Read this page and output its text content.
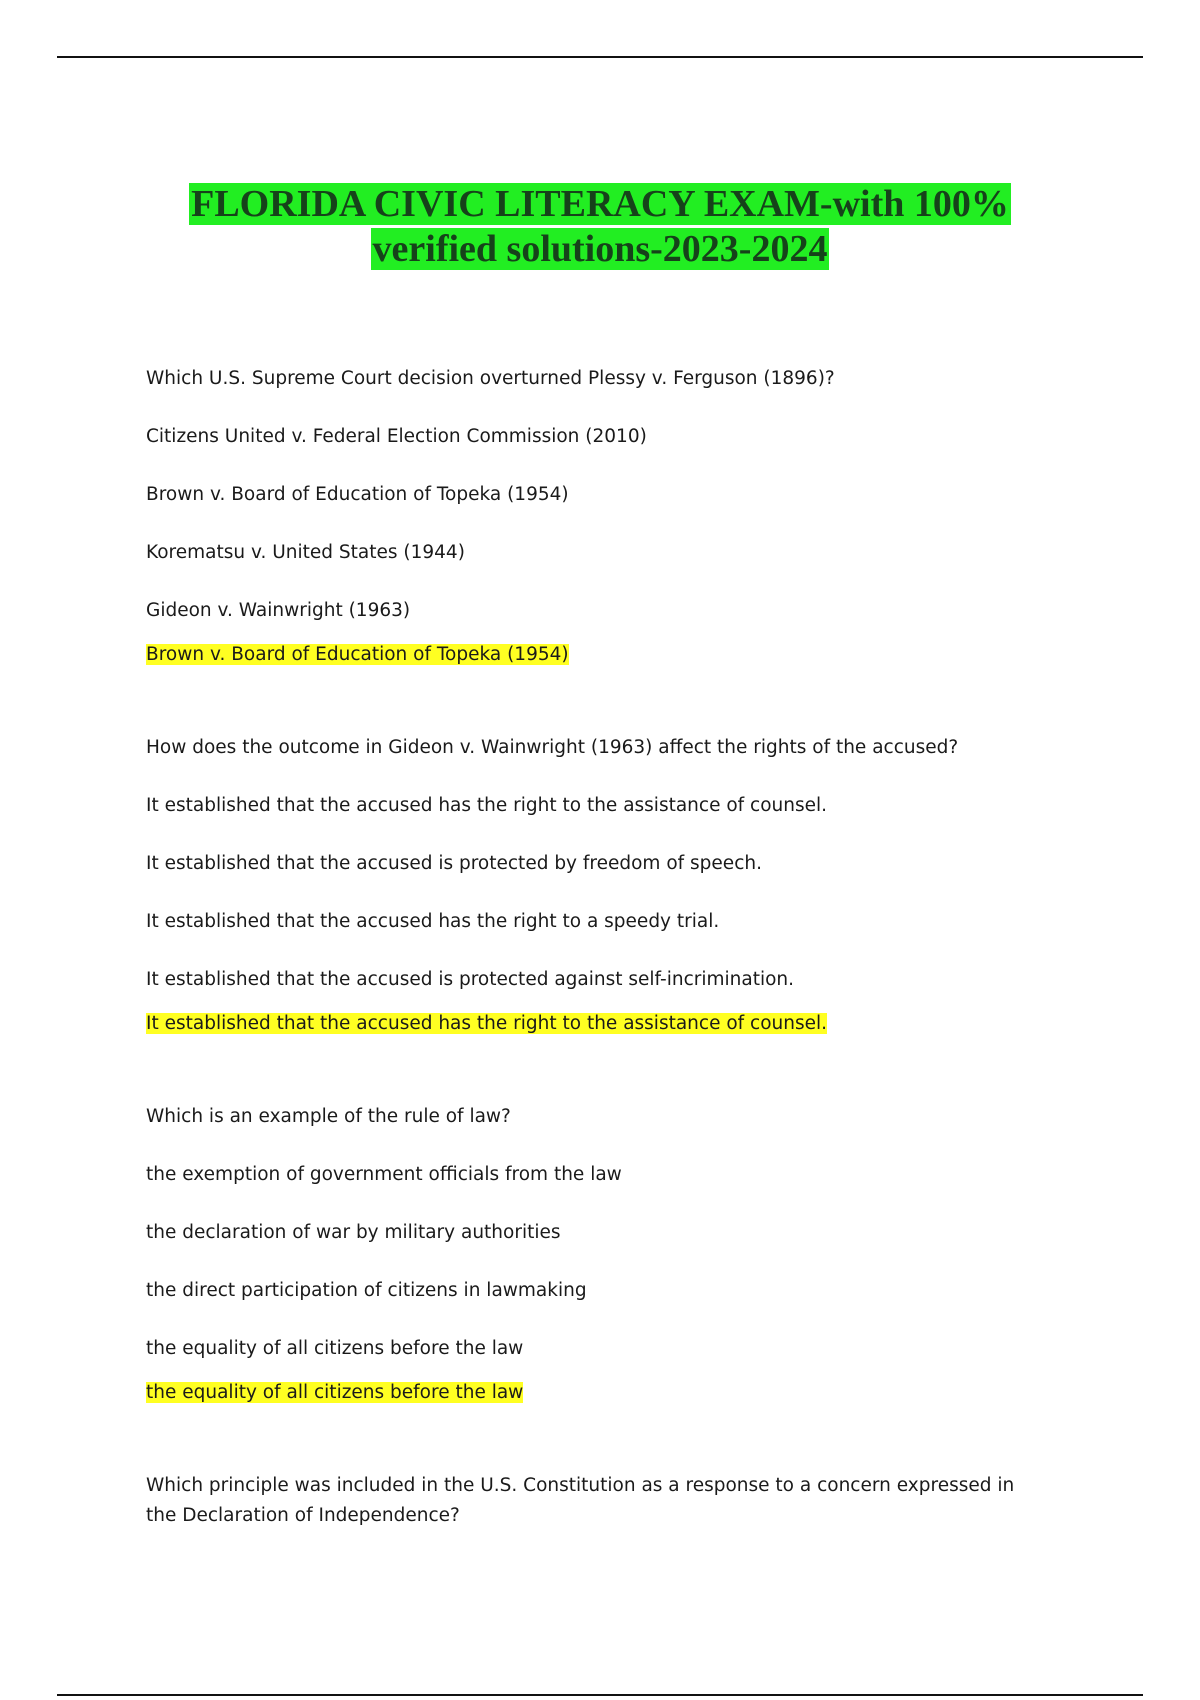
FLORIDA CIVIC LITERACY EXAM-with 100%
verified solutions-2023-2024
Which U.S. Supreme Court decision overturned Plessy v. Ferguson (1896)?
Citizens United v. Federal Election Commission (2010)
Brown v. Board of Education of Topeka (1954)
Korematsu v. United States (1944)
Gideon v. Wainwright (1963)
Brown v. Board of Education of Topeka (1954)
How does the outcome in Gideon v. Wainwright (1963) affect the rights of the accused?
It established that the accused has the right to the assistance of counsel.
It established that the accused is protected by freedom of speech.
It established that the accused has the right to a speedy trial.
It established that the accused is protected against self-incrimination.
It established that the accused has the right to the assistance of counsel.
Which is an example of the rule of law?
the exemption of government officials from the law
the declaration of war by military authorities
the direct participation of citizens in lawmaking
the equality of all citizens before the law
the equality of all citizens before the law
Which principle was included in the U.S. Constitution as a response to a concern expressed in the Declaration of Independence?
